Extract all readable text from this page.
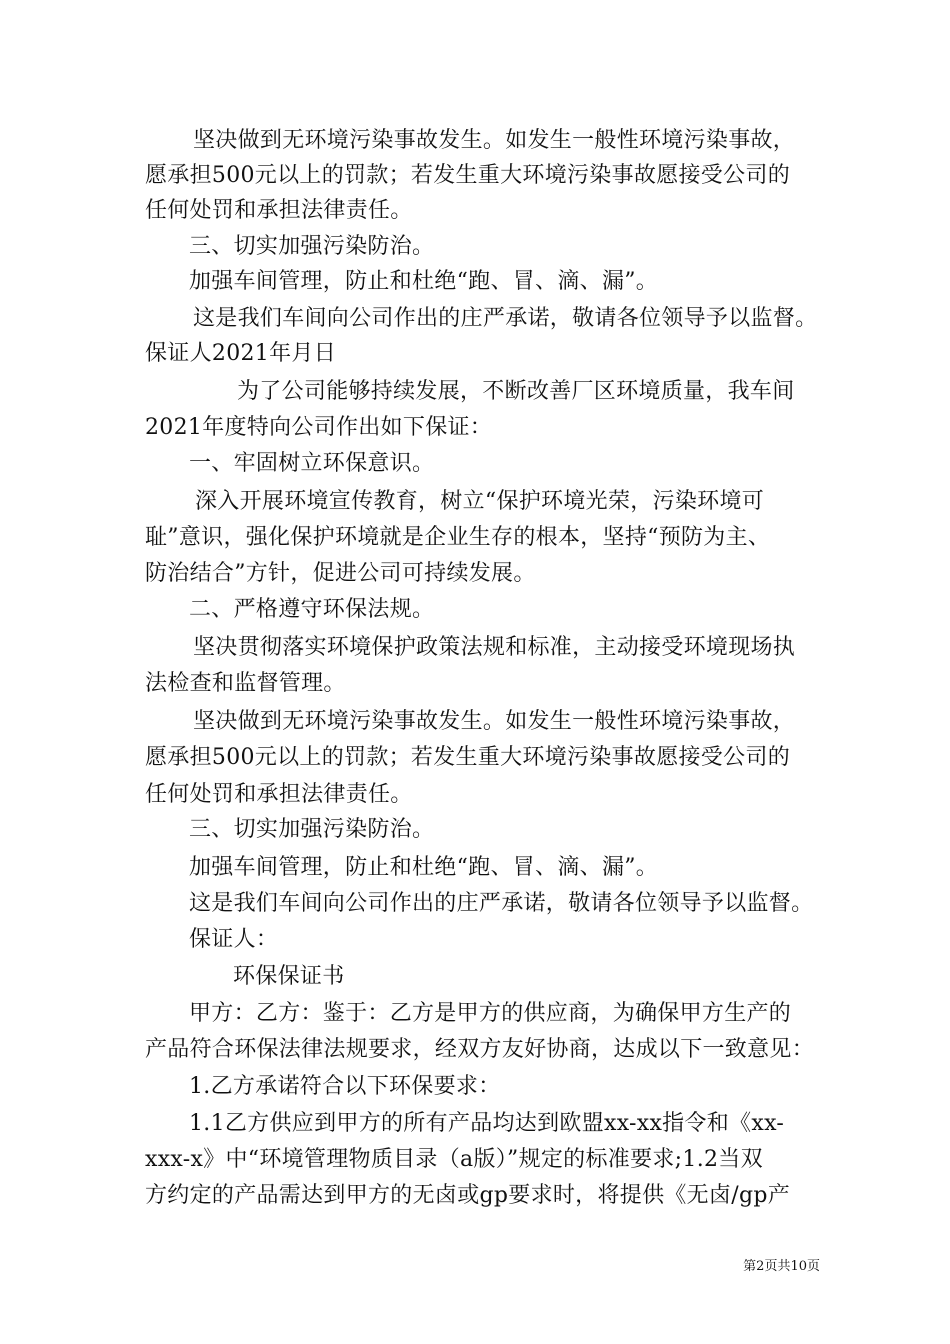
坚决做到无环境污染事故发生。如发生一般性环境污染事故，
愿承担500元以上的罚款；若发生重大环境污染事故愿接受公司的
任何处罚和承担法律责任。
三、切实加强污染防治。
加强车间管理，防止和杜绝“跑、冒、滴、漏”。
这是我们车间向公司作出的庄严承诺，敬请各位领导予以监督。
保证人2021年月日
为了公司能够持续发展，不断改善厂区环境质量，我车间
2021年度特向公司作出如下保证：
一、牢固树立环保意识。
深入开展环境宣传教育，树立“保护环境光荣，污染环境可
耻”意识，强化保护环境就是企业生存的根本，坚持“预防为主、
防治结合”方针，促进公司可持续发展。
二、严格遵守环保法规。
坚决贯彻落实环境保护政策法规和标准，主动接受环境现场执
法检查和监督管理。
坚决做到无环境污染事故发生。如发生一般性环境污染事故，
愿承担500元以上的罚款；若发生重大环境污染事故愿接受公司的
任何处罚和承担法律责任。
三、切实加强污染防治。
加强车间管理，防止和杜绝“跑、冒、滴、漏”。
这是我们车间向公司作出的庄严承诺，敬请各位领导予以监督。
保证人：
环保保证书
甲方：乙方：鉴于：乙方是甲方的供应商，为确保甲方生产的
产品符合环保法律法规要求，经双方友好协商，达成以下一致意见：
1.乙方承诺符合以下环保要求：
1.1乙方供应到甲方的所有产品均达到欧盟xx-xx指令和《xx-
xxx-x》中“环境管理物质目录（a版）”规定的标准要求;1.2当双
方约定的产品需达到甲方的无卤或gp要求时，将提供《无卤/gp产
第2页共10页
